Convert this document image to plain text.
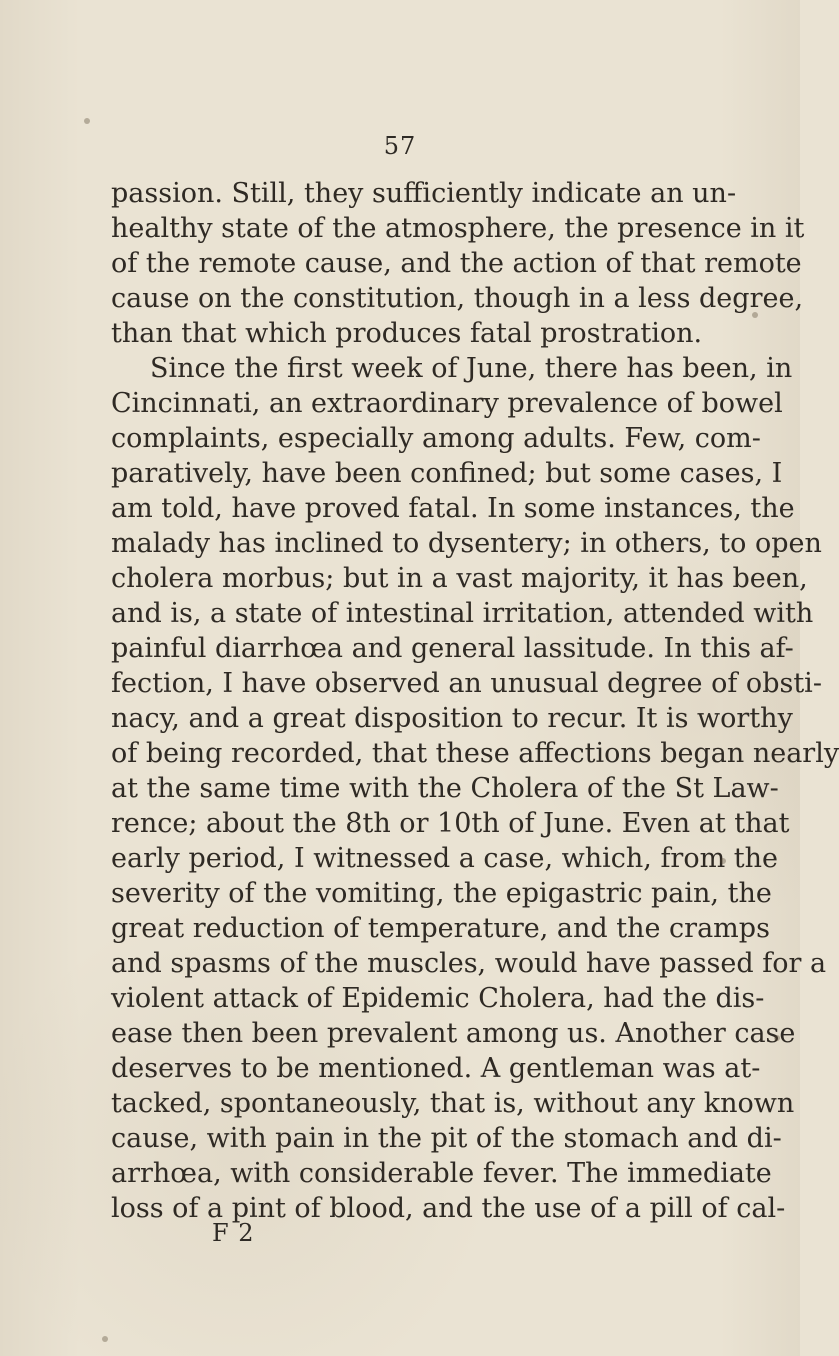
57
passion. Still, they sufficiently indicate an un-
healthy state of the atmosphere, the presence in it
of the remote cause, and the action of that remote
cause on the constitution, though in a less degree,
than that which produces fatal prostration.
Since the first week of June, there has been, in
Cincinnati, an extraordinary prevalence of bowel
complaints, especially among adults. Few, com-
paratively, have been confined; but some cases, I
am told, have proved fatal. In some instances, the
malady has inclined to dysentery; in others, to open
cholera morbus; but in a vast majority, it has been,
and is, a state of intestinal irritation, attended with
painful diarrhœa and general lassitude. In this af-
fection, I have observed an unusual degree of obsti-
nacy, and a great disposition to recur. It is worthy
of being recorded, that these affections began nearly
at the same time with the Cholera of the St Law-
rence; about the 8th or 10th of June. Even at that
early period, I witnessed a case, which, from the
severity of the vomiting, the epigastric pain, the
great reduction of temperature, and the cramps
and spasms of the muscles, would have passed for a
violent attack of Epidemic Cholera, had the dis-
ease then been prevalent among us. Another case
deserves to be mentioned. A gentleman was at-
tacked, spontaneously, that is, without any known
cause, with pain in the pit of the stomach and di-
arrhœa, with considerable fever. The immediate
loss of a pint of blood, and the use of a pill of cal-
F 2
